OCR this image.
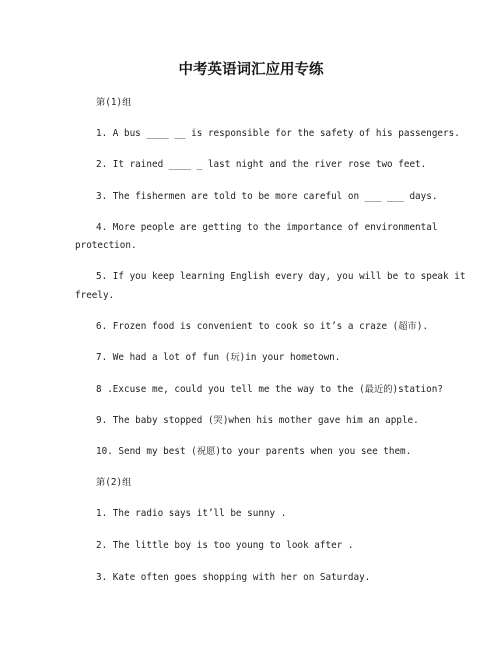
中考英语词汇应用专练

第(1)组

1. A bus ____ __ is responsible for the safety of his passengers.

2. It rained ____ _ last night and the river rose two feet.

3. The fishermen are told to be more careful on ___ ___ days.

4. More people are getting to the importance of environmental

protection.

5. If you keep learning English every day, you will be to speak it

freely.

6. Frozen food is convenient to cook so it’s a craze (超市).

7. We had a lot of fun (玩)in your hometown.

8 .Excuse me, could you tell me the way to the (最近的)station?

9. The baby stopped (哭)when his mother gave him an apple.

10. Send my best (祝愿)to your parents when you see them.

第(2)组

1. The radio says it’ll be sunny .

2. The little boy is too young to look after .

3. Kate often goes shopping with her on Saturday.
